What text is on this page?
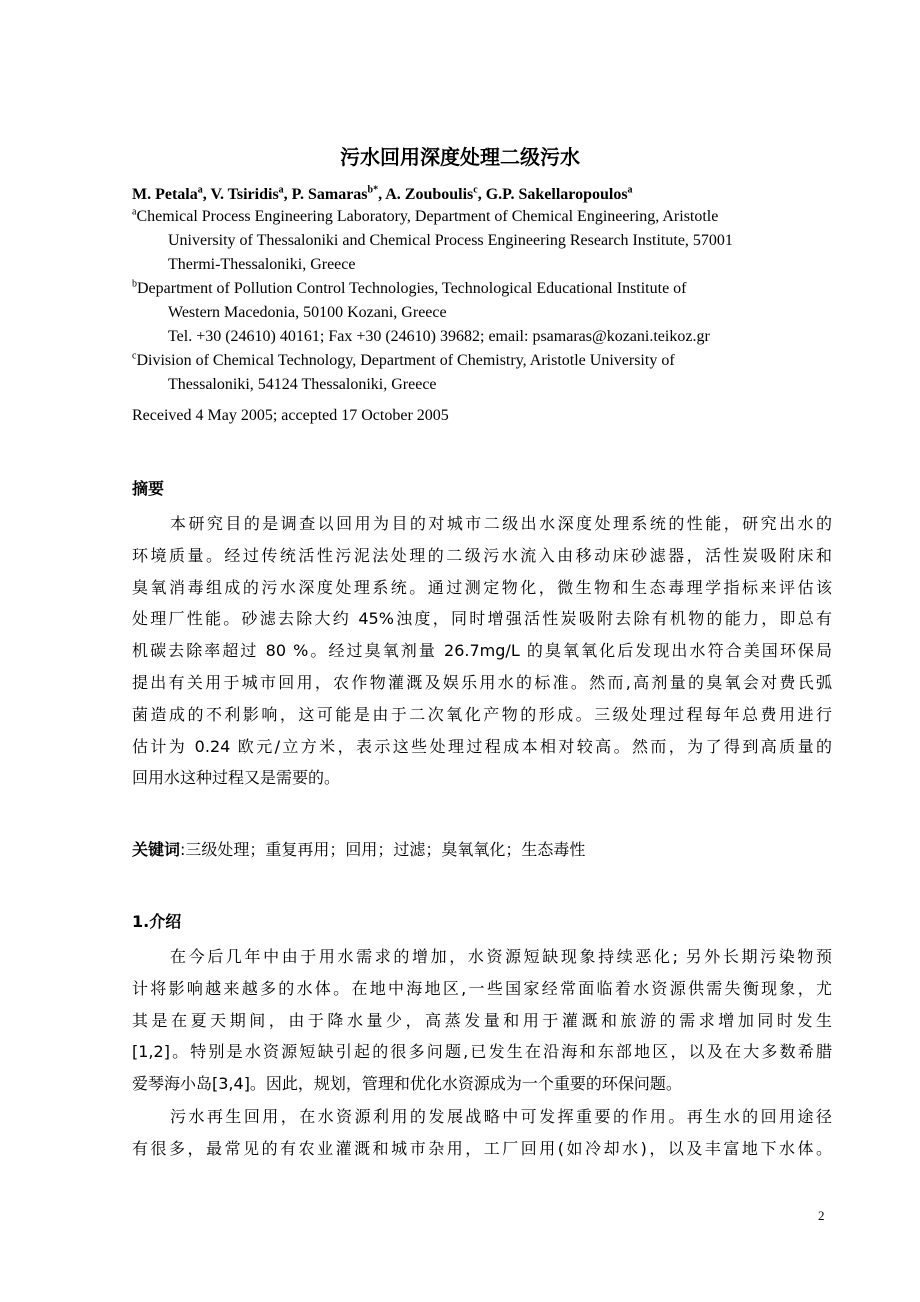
污水回用深度处理二级污水
M. Petala$^a$, V. Tsiridis$^a$, P. Samaras$^{b*}$, A. Zouboulis$^c$, G.P. Sakellaropoulos$^a$
$^a$Chemical Process Engineering Laboratory, Department of Chemical Engineering, Aristotle
University of Thessaloniki and Chemical Process Engineering Research Institute, 57001
Thermi-Thessaloniki, Greece
$^b$Department of Pollution Control Technologies, Technological Educational Institute of
Western Macedonia, 50100 Kozani, Greece
Tel. +30 (24610) 40161; Fax +30 (24610) 39682; email: psamaras@kozani.teikoz.gr
$^c$Division of Chemical Technology, Department of Chemistry, Aristotle University of
Thessaloniki, 54124 Thessaloniki, Greece
Received 4 May 2005; accepted 17 October 2005
摘要
本研究目的是调查以回用为目的对城市二级出水深度处理系统的性能，研究出水的
环境质量。经过传统活性污泥法处理的二级污水流入由移动床砂滤器，活性炭吸附床和
臭氧消毒组成的污水深度处理系统。通过测定物化，微生物和生态毒理学指标来评估该
处理厂性能。砂滤去除大约 45%浊度，同时增强活性炭吸附去除有机物的能力，即总有
机碳去除率超过 80 %。经过臭氧剂量 26.7mg/L 的臭氧氧化后发现出水符合美国环保局
提出有关用于城市回用，农作物灌溉及娱乐用水的标准。然而,高剂量的臭氧会对费氏弧
菌造成的不利影响，这可能是由于二次氧化产物的形成。三级处理过程每年总费用进行
估计为 0.24 欧元/立方米，表示这些处理过程成本相对较高。然而，为了得到高质量的
回用水这种过程又是需要的。
关键词:三级处理；重复再用；回用；过滤；臭氧氧化；生态毒性
1.介绍
在今后几年中由于用水需求的增加，水资源短缺现象持续恶化; 另外长期污染物预
计将影响越来越多的水体。在地中海地区,一些国家经常面临着水资源供需失衡现象，尤
其是在夏天期间，由于降水量少，高蒸发量和用于灌溉和旅游的需求增加同时发生
[1,2]。特别是水资源短缺引起的很多问题,已发生在沿海和东部地区，以及在大多数希腊
爱琴海小岛[3,4]。因此，规划，管理和优化水资源成为一个重要的环保问题。
污水再生回用，在水资源利用的发展战略中可发挥重要的作用。再生水的回用途径
有很多，最常见的有农业灌溉和城市杂用，工厂回用(如冷却水)，以及丰富地下水体。
2
